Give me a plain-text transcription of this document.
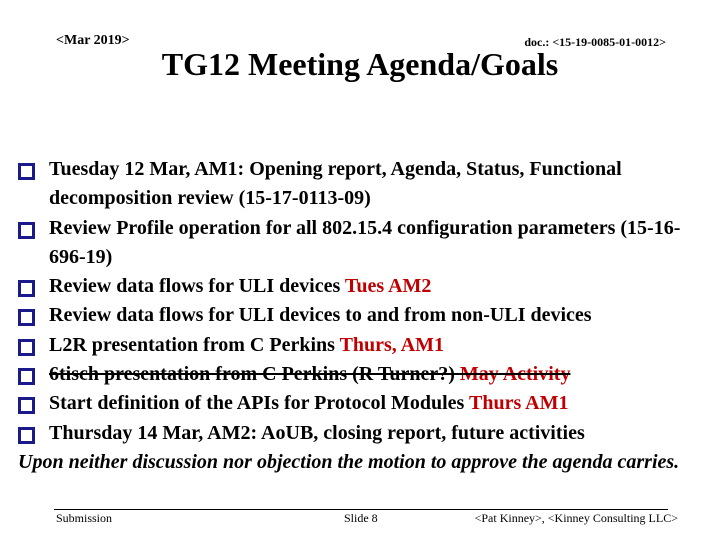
<Mar 2019>	doc.: <15-19-0085-01-0012>
TG12 Meeting Agenda/Goals
Tuesday 12 Mar, AM1: Opening report, Agenda, Status, Functional decomposition review (15-17-0113-09)
Review Profile operation for all 802.15.4 configuration parameters (15-16-696-19)
Review data flows for ULI devices Tues AM2
Review data flows for ULI devices to and from non-ULI devices
L2R presentation from C Perkins Thurs, AM1
6tisch presentation from C Perkins (R Turner?) May Activity
Start definition of the APIs for Protocol Modules Thurs AM1
Thursday 14 Mar, AM2: AoUB, closing report, future activities
Upon neither discussion nor objection the motion to approve the agenda carries.
Submission	Slide 8	<Pat Kinney>, <Kinney Consulting LLC>
